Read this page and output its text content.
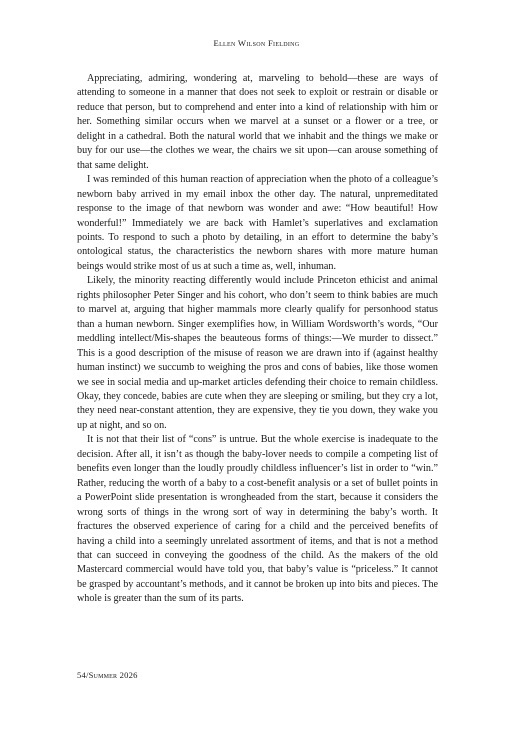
Ellen Wilson Fielding

Appreciating, admiring, wondering at, marveling to behold—these are ways of attending to someone in a manner that does not seek to exploit or restrain or disable or reduce that person, but to comprehend and enter into a kind of relationship with him or her. Something similar occurs when we marvel at a sunset or a flower or a tree, or delight in a cathedral. Both the natural world that we inhabit and the things we make or buy for our use—the clothes we wear, the chairs we sit upon—can arouse something of that same delight.

I was reminded of this human reaction of appreciation when the photo of a colleague’s newborn baby arrived in my email inbox the other day. The natural, unpremeditated response to the image of that newborn was wonder and awe: “How beautiful! How wonderful!” Immediately we are back with Hamlet’s superlatives and exclamation points. To respond to such a photo by detailing, in an effort to determine the baby’s ontological status, the characteristics the newborn shares with more mature human beings would strike most of us at such a time as, well, inhuman.

Likely, the minority reacting differently would include Princeton ethicist and animal rights philosopher Peter Singer and his cohort, who don’t seem to think babies are much to marvel at, arguing that higher mammals more clearly qualify for personhood status than a human newborn. Singer exemplifies how, in William Wordsworth’s words, “Our meddling intellect/Mis-shapes the beauteous forms of things:—We murder to dissect.” This is a good description of the misuse of reason we are drawn into if (against healthy human instinct) we succumb to weighing the pros and cons of babies, like those women we see in social media and up-market articles defending their choice to remain childless. Okay, they concede, babies are cute when they are sleeping or smiling, but they cry a lot, they need near-constant attention, they are expensive, they tie you down, they wake you up at night, and so on.

It is not that their list of “cons” is untrue. But the whole exercise is inadequate to the decision. After all, it isn’t as though the baby-lover needs to compile a competing list of benefits even longer than the loudly proudly childless influencer’s list in order to “win.” Rather, reducing the worth of a baby to a cost-benefit analysis or a set of bullet points in a PowerPoint slide presentation is wrongheaded from the start, because it considers the wrong sorts of things in the wrong sort of way in determining the baby’s worth. It fractures the observed experience of caring for a child and the perceived benefits of having a child into a seemingly unrelated assortment of items, and that is not a method that can succeed in conveying the goodness of the child. As the makers of the old Mastercard commercial would have told you, that baby’s value is “priceless.” It cannot be grasped by accountant’s methods, and it cannot be broken up into bits and pieces. The whole is greater than the sum of its parts.

54/Summer 2026
